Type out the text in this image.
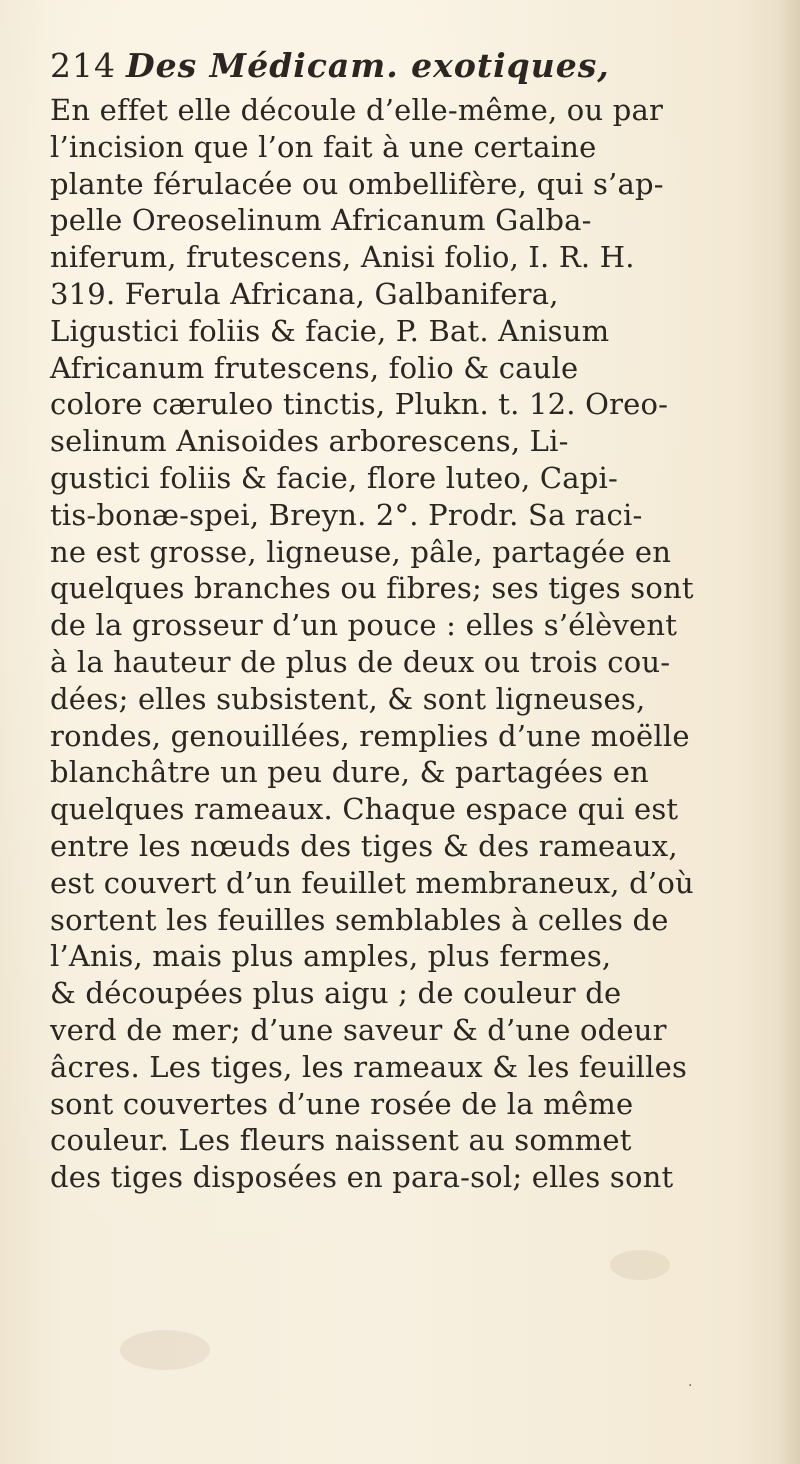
214 Des Médicam. exotiques,
En effet elle découle d’elle-même, ou par
l’incision que l’on fait à une certaine
plante férulacée ou ombellifère, qui s’ap-
pelle Oreoselinum Africanum Galba-
niferum, frutescens, Anisi folio, I. R. H.
319. Ferula Africana, Galbanifera,
Ligustici foliis & facie, P. Bat. Anisum
Africanum frutescens, folio & caule
colore cæruleo tinctis, Plukn. t. 12. Oreo-
selinum Anisoides arborescens, Li-
gustici foliis & facie, flore luteo, Capi-
tis-bonæ-spei, Breyn. 2°. Prodr. Sa raci-
ne est grosse, ligneuse, pâle, partagée en
quelques branches ou fibres; ses tiges sont
de la grosseur d’un pouce : elles s’élèvent
à la hauteur de plus de deux ou trois cou-
dées; elles subsistent, & sont ligneuses,
rondes, genouillées, remplies d’une moëlle
blanchâtre un peu dure, & partagées en
quelques rameaux. Chaque espace qui est
entre les nœuds des tiges & des rameaux,
est couvert d’un feuillet membraneux, d’où
sortent les feuilles semblables à celles de
l’Anis, mais plus amples, plus fermes,
& découpées plus aigu ; de couleur de
verd de mer; d’une saveur & d’une odeur
âcres. Les tiges, les rameaux & les feuilles
sont couvertes d’une rosée de la même
couleur. Les fleurs naissent au sommet
des tiges disposées en para-sol; elles sont
·
